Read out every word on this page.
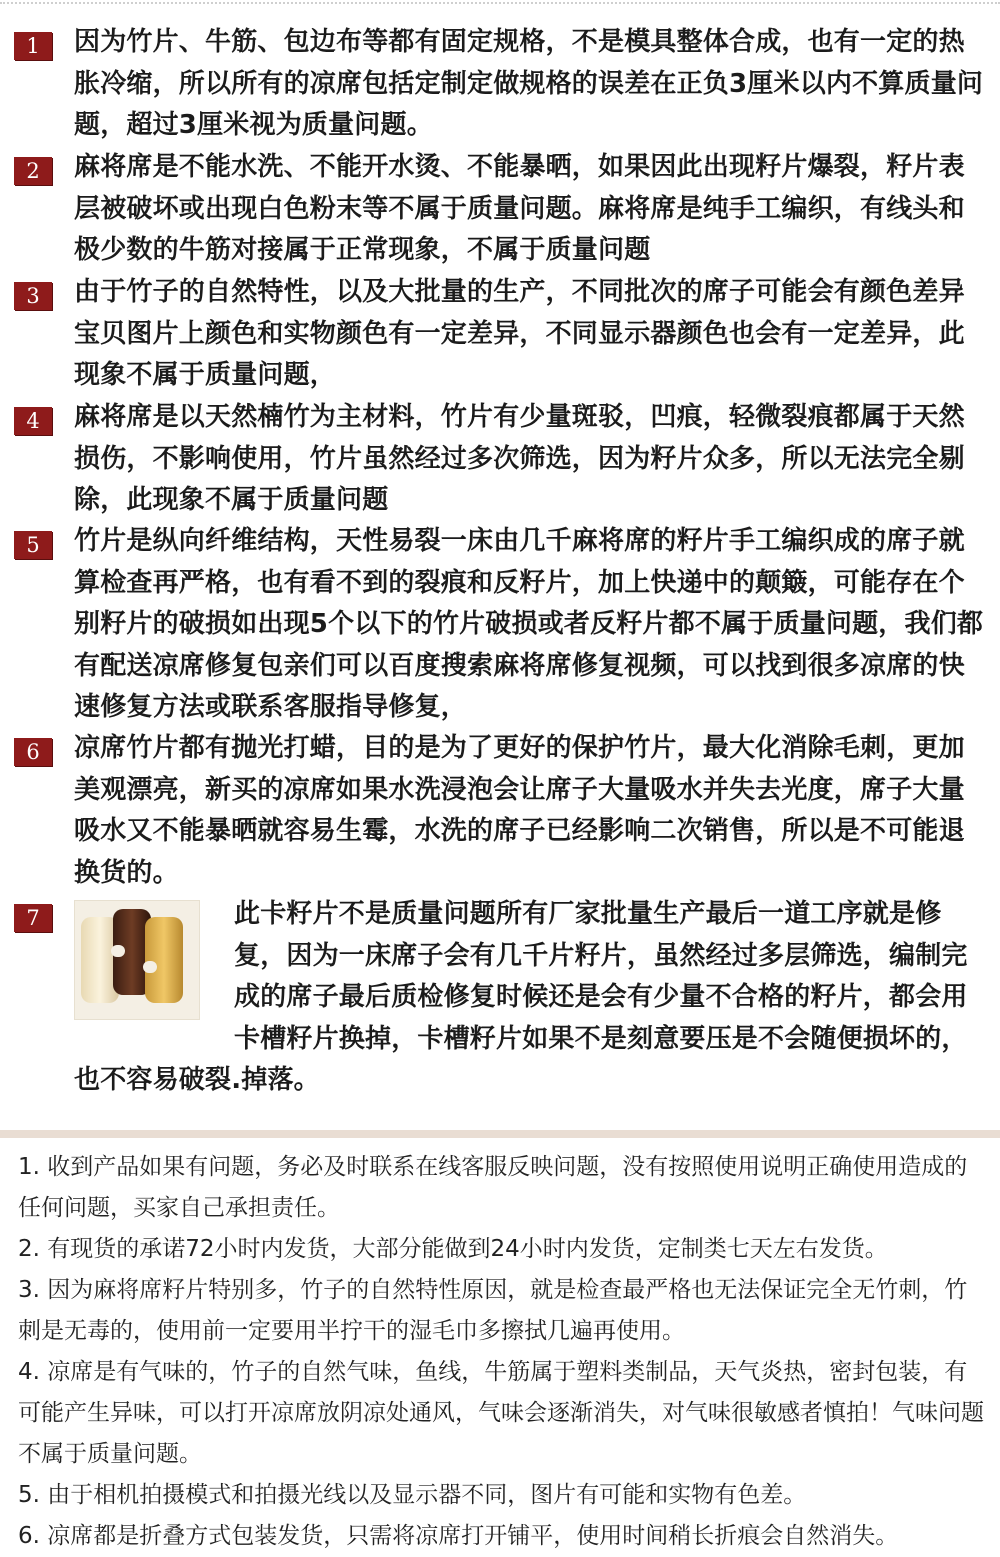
1	因为竹片、牛筋、包边布等都有固定规格，不是模具整体合成，也有一定的热胀冷缩，所以所有的凉席包括定制定做规格的误差在正负3厘米以内不算质量问题，超过3厘米视为质量问题。
2	麻将席是不能水洗、不能开水烫、不能暴晒，如果因此出现籽片爆裂，籽片表层被破坏或出现白色粉末等不属于质量问题。麻将席是纯手工编织，有线头和极少数的牛筋对接属于正常现象，不属于质量问题
3	由于竹子的自然特性，以及大批量的生产，不同批次的席子可能会有颜色差异宝贝图片上颜色和实物颜色有一定差异，不同显示器颜色也会有一定差异，此现象不属于质量问题，
4	麻将席是以天然楠竹为主材料，竹片有少量斑驳，凹痕，轻微裂痕都属于天然损伤，不影响使用，竹片虽然经过多次筛选，因为籽片众多，所以无法完全剔除，此现象不属于质量问题
5	竹片是纵向纤维结构，天性易裂一床由几千麻将席的籽片手工编织成的席子就算检查再严格，也有看不到的裂痕和反籽片，加上快递中的颠簸，可能存在个别籽片的破损如出现5个以下的竹片破损或者反籽片都不属于质量问题，我们都有配送凉席修复包亲们可以百度搜索麻将席修复视频，可以找到很多凉席的快速修复方法或联系客服指导修复，
6	凉席竹片都有抛光打蜡，目的是为了更好的保护竹片，最大化消除毛刺，更加美观漂亮，新买的凉席如果水洗浸泡会让席子大量吸水并失去光度，席子大量吸水又不能暴晒就容易生霉，水洗的席子已经影响二次销售，所以是不可能退换货的。
7	此卡籽片不是质量问题所有厂家批量生产最后一道工序就是修复，因为一床席子会有几千片籽片，虽然经过多层筛选，编制完成的席子最后质检修复时候还是会有少量不合格的籽片，都会用卡槽籽片换掉，卡槽籽片如果不是刻意要压是不会随便损坏的，也不容易破裂.掉落。
1. 收到产品如果有问题，务必及时联系在线客服反映问题，没有按照使用说明正确使用造成的任何问题，买家自己承担责任。
2. 有现货的承诺72小时内发货，大部分能做到24小时内发货，定制类七天左右发货。
3. 因为麻将席籽片特别多，竹子的自然特性原因，就是检查最严格也无法保证完全无竹刺，竹刺是无毒的，使用前一定要用半拧干的湿毛巾多擦拭几遍再使用。
4. 凉席是有气味的，竹子的自然气味，鱼线，牛筋属于塑料类制品，天气炎热，密封包装，有可能产生异味，可以打开凉席放阴凉处通风，气味会逐渐消失，对气味很敏感者慎拍！气味问题不属于质量问题。
5. 由于相机拍摄模式和拍摄光线以及显示器不同，图片有可能和实物有色差。
6. 凉席都是折叠方式包装发货，只需将凉席打开铺平，使用时间稍长折痕会自然消失。
